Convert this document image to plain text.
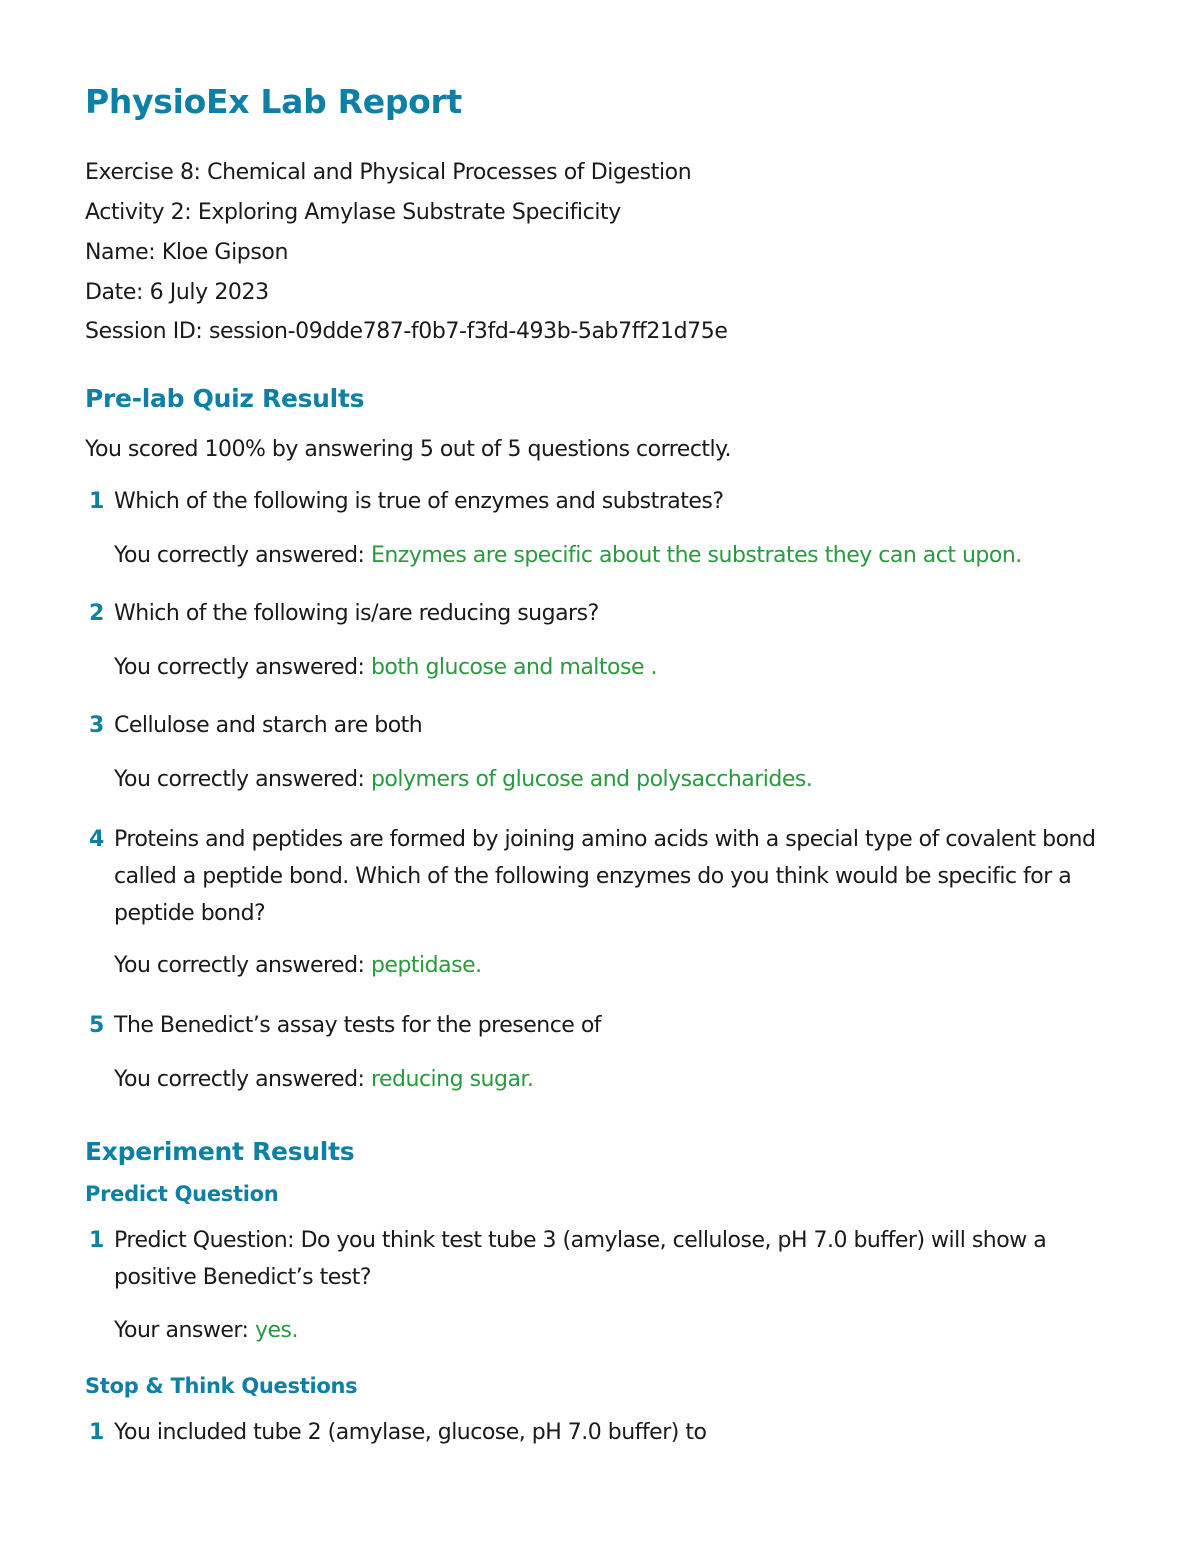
PhysioEx Lab Report

Exercise 8: Chemical and Physical Processes of Digestion

Activity 2: Exploring Amylase Substrate Specificity

Name: Kloe Gipson

Date: 6 July 2023

Session ID: session-09dde787-f0b7-f3fd-493b-5ab7ff21d75e

Pre-lab Quiz Results

You scored 100% by answering 5 out of 5 questions correctly.

1 Which of the following is true of enzymes and substrates?

You correctly answered: Enzymes are specific about the substrates they can act upon.

2 Which of the following is/are reducing sugars?

You correctly answered: both glucose and maltose .

3 Cellulose and starch are both

You correctly answered: polymers of glucose and polysaccharides.

4 Proteins and peptides are formed by joining amino acids with a special type of covalent bond called a peptide bond. Which of the following enzymes do you think would be specific for a peptide bond?

You correctly answered: peptidase.

5 The Benedict’s assay tests for the presence of

You correctly answered: reducing sugar.

Experiment Results
Predict Question
1 Predict Question: Do you think test tube 3 (amylase, cellulose, pH 7.0 buffer) will show a positive Benedict’s test?

Your answer: yes.

Stop & Think Questions
1 You included tube 2 (amylase, glucose, pH 7.0 buffer) to
